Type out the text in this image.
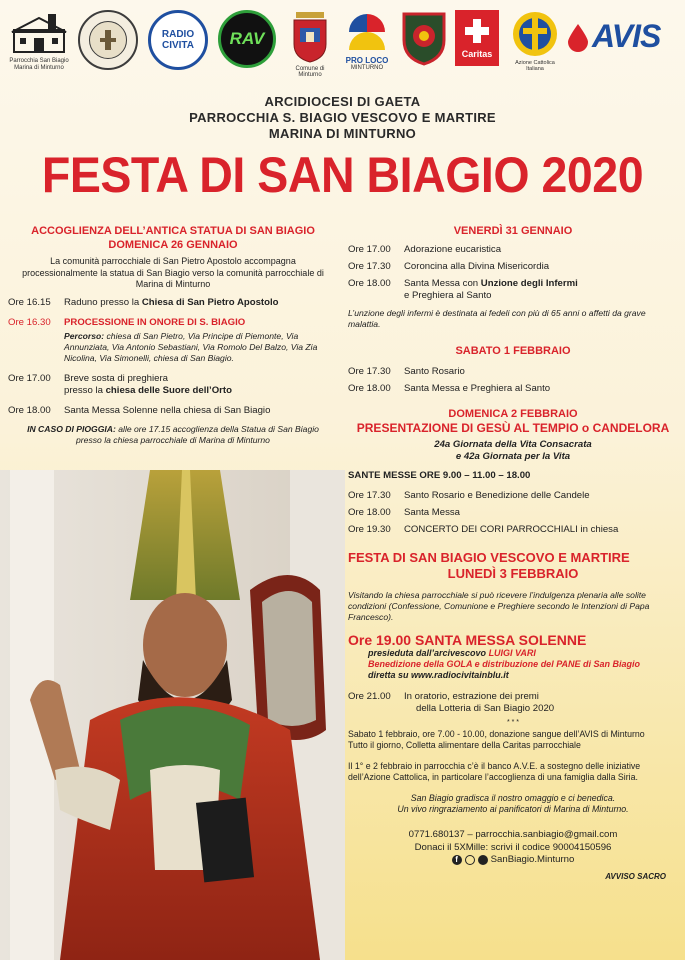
Parrocchia San Biagio Marina di Minturno
RADIO
CIVITA RAV
Comune di Minturno
PRO LOCO
MINTURNO
Caritas
Azione Cattolica Italiana
AVIS
ARCIDIOCESI DI GAETA
PARROCCHIA S. BIAGIO VESCOVO E MARTIRE
MARINA DI MINTURNO
FESTA DI SAN BIAGIO 2020
ACCOGLIENZA DELL’ANTICA STATUA DI SAN BIAGIO
DOMENICA 26 GENNAIO
La comunità parrocchiale di San Pietro Apostolo accompagna processionalmente la statua di San Biagio verso la comunità parrocchiale di Marina di Minturno
Ore 16.15	Raduno presso la Chiesa di San Pietro Apostolo
Ore 16.30	PROCESSIONE IN ONORE DI S. BIAGIO
Percorso: chiesa di San Pietro, Via Principe di Piemonte, Via Annunziata, Via Antonio Sebastiani, Via Romolo Del Balzo, Via Zia Nicolina, Via Simonelli, chiesa di San Biagio.
Ore 17.00	Breve sosta di preghiera
presso la chiesa delle Suore dell’Orto
Ore 18.00	Santa Messa Solenne nella chiesa di San Biagio
IN CASO DI PIOGGIA: alle ore 17.15 accoglienza della Statua di San Biagio presso la chiesa parrocchiale di Marina di Minturno
VENERDÌ 31 GENNAIO
Ore 17.00	Adorazione eucaristica
Ore 17.30	Coroncina alla Divina Misericordia
Ore 18.00	Santa Messa con Unzione degli Infermi
e Preghiera al Santo
L’unzione degli infermi è destinata ai fedeli con più di 65 anni o affetti da grave malattia.
SABATO 1 FEBBRAIO
Ore 17.30	Santo Rosario
Ore 18.00	Santa Messa e Preghiera al Santo
DOMENICA 2 FEBBRAIO
PRESENTAZIONE DI GESÙ AL TEMPIO o CANDELORA
24a Giornata della Vita Consacrata
e 42a Giornata per la Vita
SANTE MESSE ORE 9.00 – 11.00 – 18.00
Ore 17.30	Santo Rosario e Benedizione delle Candele
Ore 18.00	Santa Messa
Ore 19.30	CONCERTO DEI CORI PARROCCHIALI in chiesa
FESTA DI SAN BIAGIO VESCOVO E MARTIRE
LUNEDÌ 3 FEBBRAIO
Visitando la chiesa parrocchiale si può ricevere l’indulgenza plenaria alle solite condizioni (Confessione, Comunione e Preghiere secondo le Intenzioni di Papa Francesco).
Ore 19.00 SANTA MESSA SOLENNE
presieduta dall’arcivescovo LUIGI VARI
Benedizione della GOLA e distribuzione del PANE di San Biagio
diretta su www.radiocivitainblu.it
Ore 21.00	In oratorio, estrazione dei premi
della Lotteria di San Biagio 2020
* * *
Sabato 1 febbraio, ore 7.00 - 10.00, donazione sangue dell’AVIS di Minturno
Tutto il giorno, Colletta alimentare della Caritas parrocchiale
Il 1° e 2 febbraio in parrocchia c’è il banco A.V.E. a sostegno delle iniziative dell’Azione Cattolica, in particolare l’accoglienza di una famiglia dalla Siria.
San Biagio gradisca il nostro omaggio e ci benedica.
Un vivo ringraziamento ai panificatori di Marina di Minturno.
0771.680137 – parrocchia.sanbiagio@gmail.com
Donaci il 5XMille: scrivi il codice 90004150596
f	SanBiagio.Minturno
AVVISO SACRO
